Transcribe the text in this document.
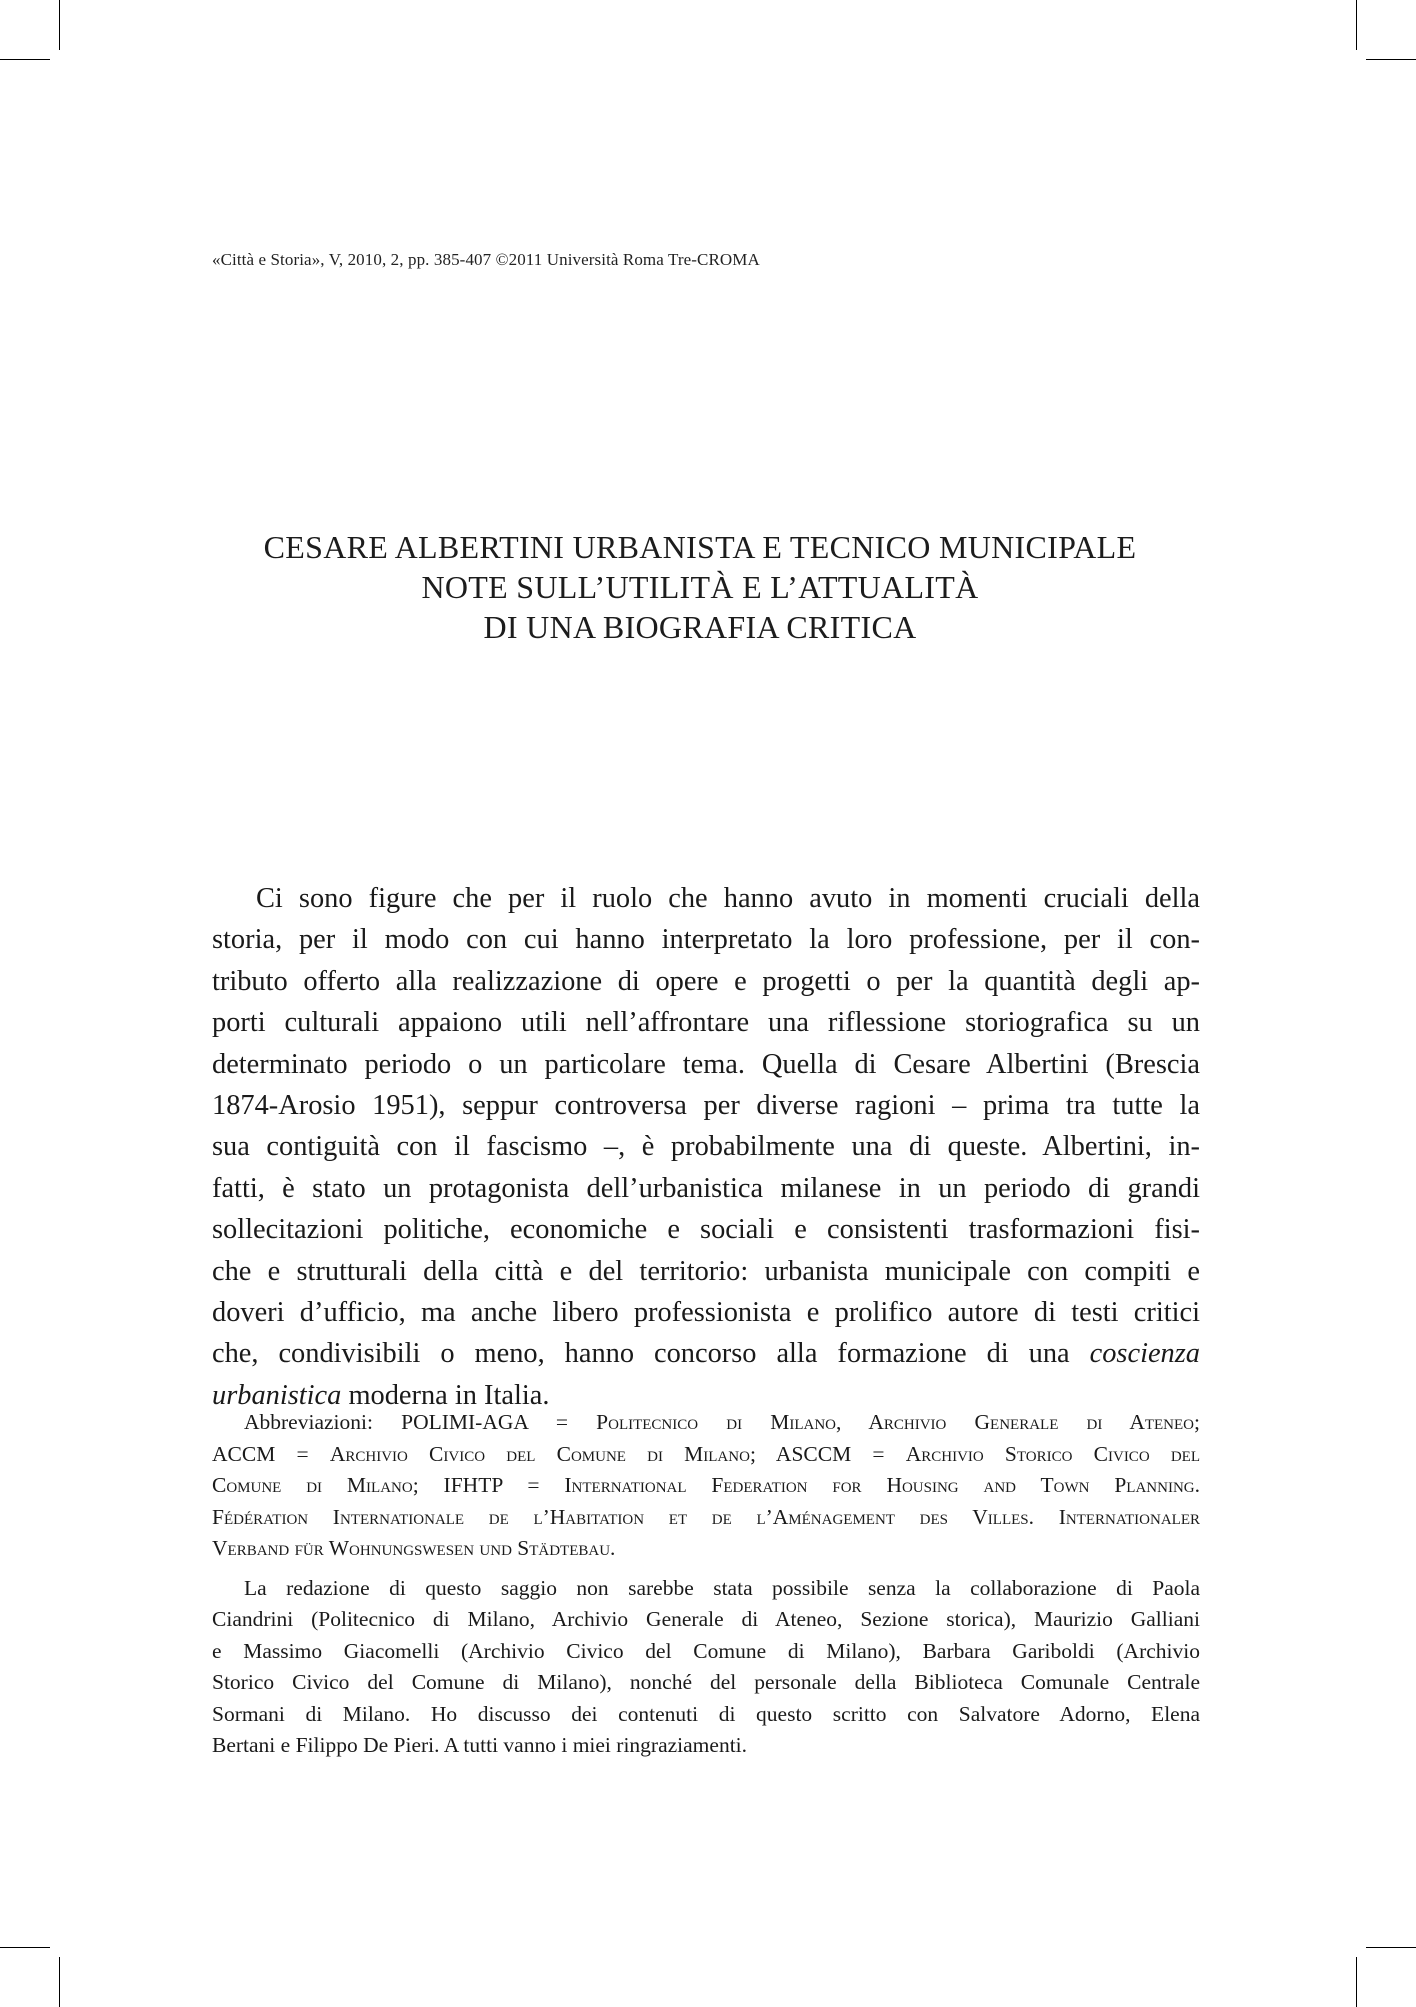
«Città e Storia», V, 2010, 2, pp. 385-407 ©2011 Università Roma Tre-CROMA
CESARE ALBERTINI URBANISTA E TECNICO MUNICIPALE
NOTE SULL’UTILITÀ E L’ATTUALITÀ
DI UNA BIOGRAFIA CRITICA
Ci sono figure che per il ruolo che hanno avuto in momenti cruciali della
storia, per il modo con cui hanno interpretato la loro professione, per il con-
tributo offerto alla realizzazione di opere e progetti o per la quantità degli ap-
porti culturali appaiono utili nell’affrontare una riflessione storiografica su un
determinato periodo o un particolare tema. Quella di Cesare Albertini (Brescia
1874-Arosio 1951), seppur controversa per diverse ragioni – prima tra tutte la
sua contiguità con il fascismo –, è probabilmente una di queste. Albertini, in-
fatti, è stato un protagonista dell’urbanistica milanese in un periodo di grandi
sollecitazioni politiche, economiche e sociali e consistenti trasformazioni fisi-
che e strutturali della città e del territorio: urbanista municipale con compiti e
doveri d’ufficio, ma anche libero professionista e prolifico autore di testi critici
che, condivisibili o meno, hanno concorso alla formazione di una coscienza
urbanistica moderna in Italia.
Abbreviazioni: POLIMI-AGA = Politecnico di Milano, Archivio Generale di Ateneo;
ACCM = Archivio Civico del Comune di Milano; ASCCM = Archivio Storico Civico del
Comune di Milano; IFHTP = International Federation for Housing and Town Planning.
Fédération Internationale de l’Habitation et de l’Aménagement des Villes. Internationaler
Verband für Wohnungswesen und Städtebau.
La redazione di questo saggio non sarebbe stata possibile senza la collaborazione di Paola
Ciandrini (Politecnico di Milano, Archivio Generale di Ateneo, Sezione storica), Maurizio Galliani
e Massimo Giacomelli (Archivio Civico del Comune di Milano), Barbara Gariboldi (Archivio
Storico Civico del Comune di Milano), nonché del personale della Biblioteca Comunale Centrale
Sormani di Milano. Ho discusso dei contenuti di questo scritto con Salvatore Adorno, Elena
Bertani e Filippo De Pieri. A tutti vanno i miei ringraziamenti.
